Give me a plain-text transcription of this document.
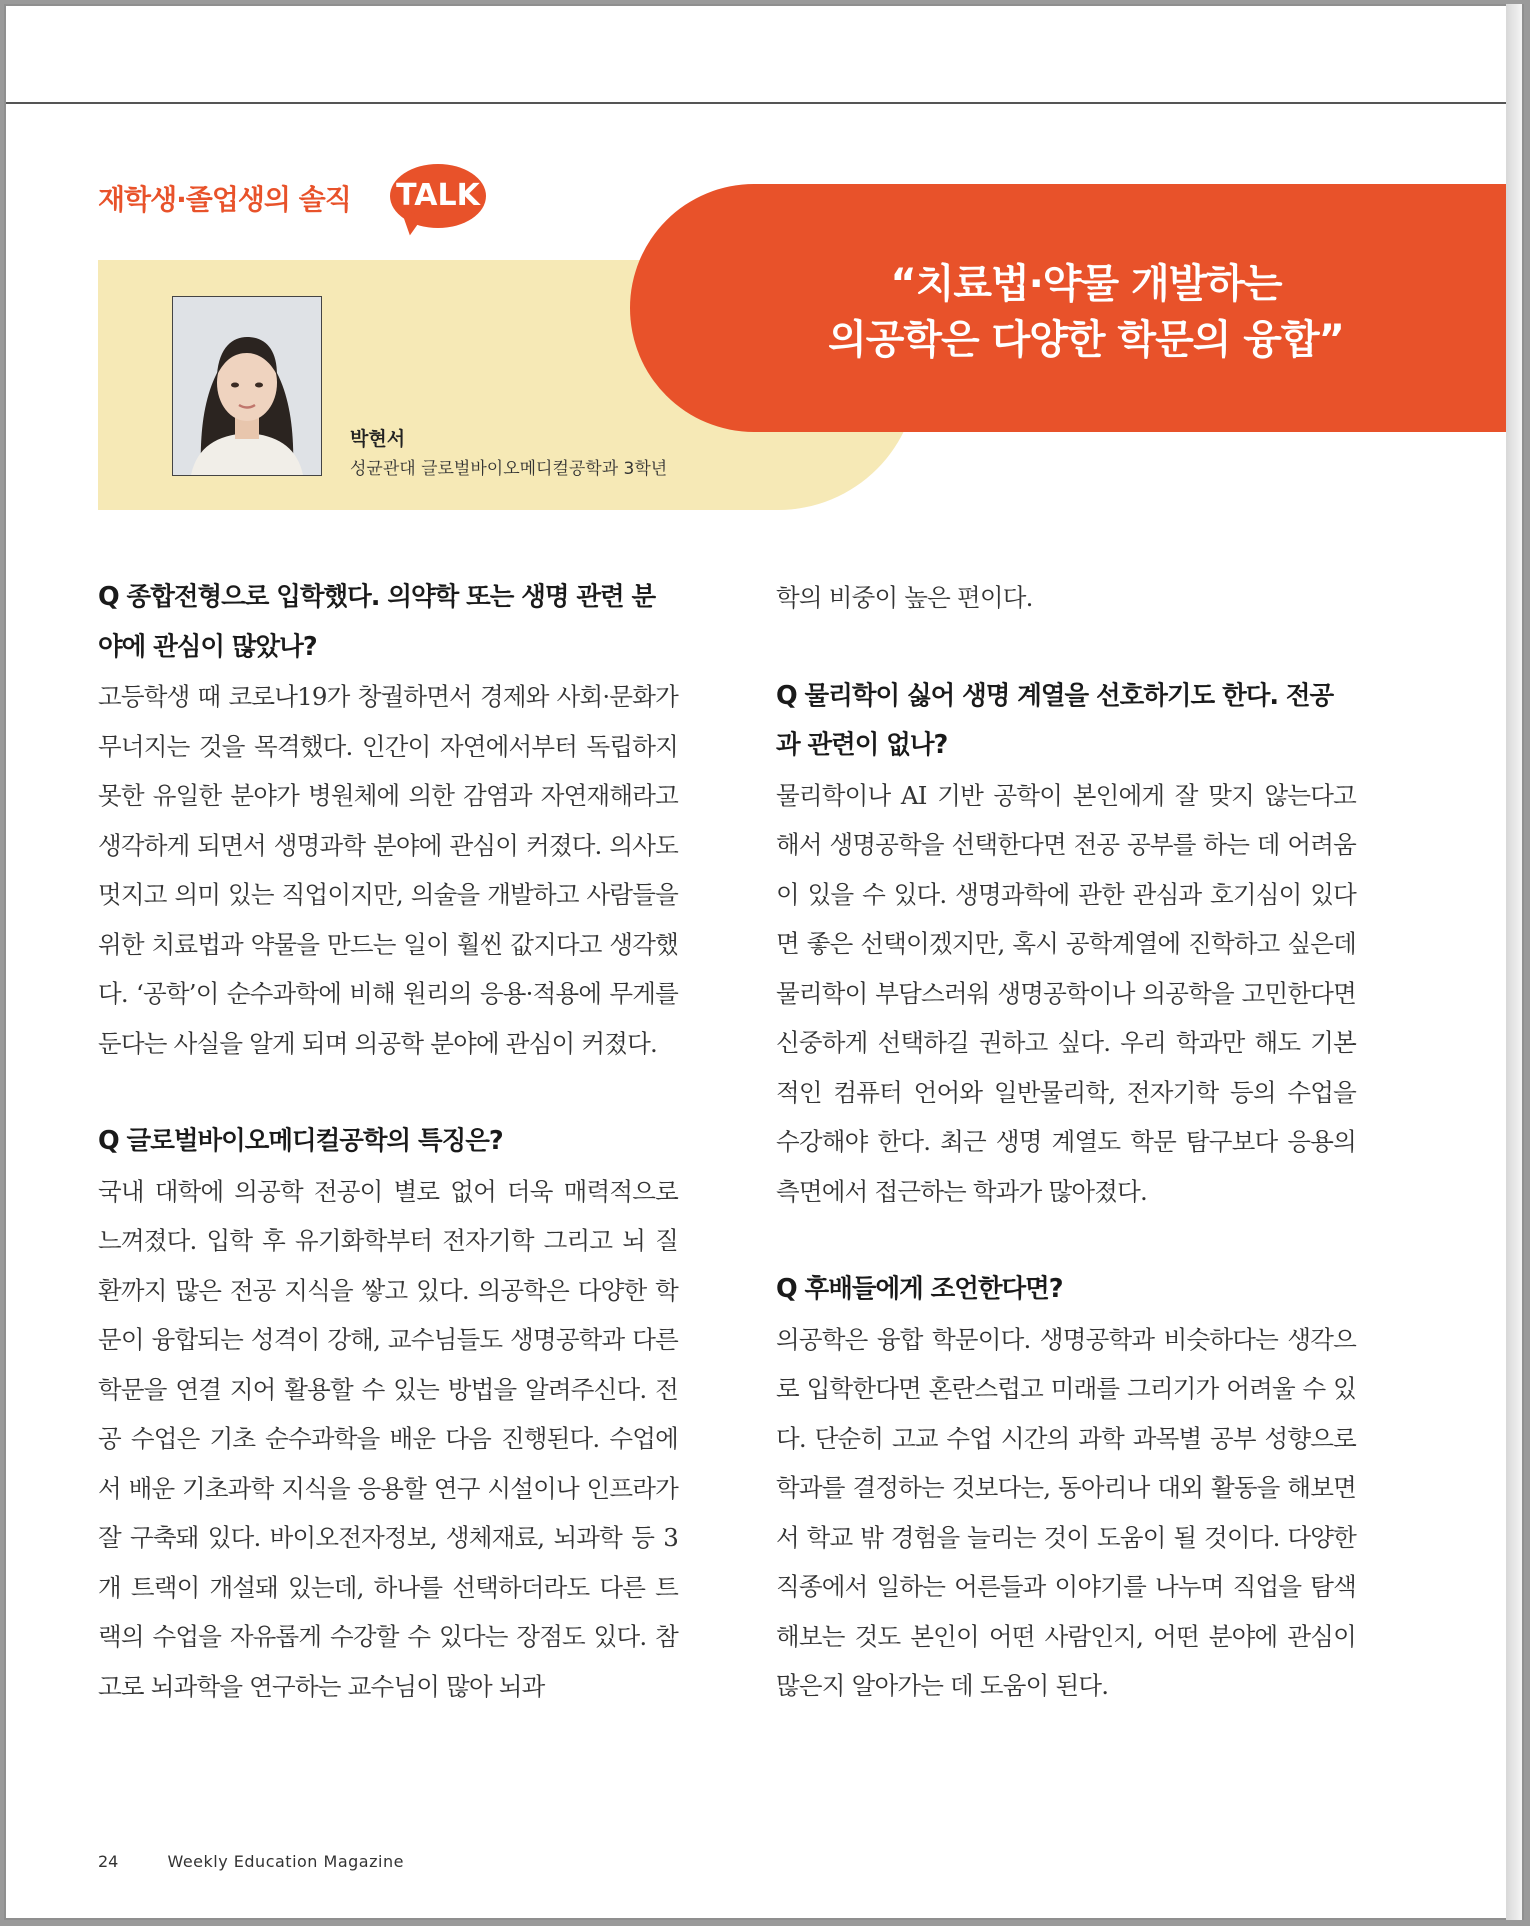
재학생·졸업생의 솔직 TALK
박현서
성균관대 글로벌바이오메디컬공학과 3학년
“치료법·약물 개발하는
의공학은 다양한 학문의 융합”
Q 종합전형으로 입학했다. 의약학 또는 생명 관련 분야에 관심이 많았나?
고등학생 때 코로나19가 창궐하면서 경제와 사회·문화가 무너지는 것을 목격했다. 인간이 자연에서부터 독립하지 못한 유일한 분야가 병원체에 의한 감염과 자연재해라고 생각하게 되면서 생명과학 분야에 관심이 커졌다. 의사도 멋지고 의미 있는 직업이지만, 의술을 개발하고 사람들을 위한 치료법과 약물을 만드는 일이 훨씬 값지다고 생각했다. ‘공학’이 순수과학에 비해 원리의 응용·적용에 무게를 둔다는 사실을 알게 되며 의공학 분야에 관심이 커졌다.
Q 글로벌바이오메디컬공학의 특징은?
국내 대학에 의공학 전공이 별로 없어 더욱 매력적으로 느껴졌다. 입학 후 유기화학부터 전자기학 그리고 뇌 질환까지 많은 전공 지식을 쌓고 있다. 의공학은 다양한 학문이 융합되는 성격이 강해, 교수님들도 생명공학과 다른 학문을 연결 지어 활용할 수 있는 방법을 알려주신다. 전공 수업은 기초 순수과학을 배운 다음 진행된다. 수업에서 배운 기초과학 지식을 응용할 연구 시설이나 인프라가 잘 구축돼 있다. 바이오전자정보, 생체재료, 뇌과학 등 3개 트랙이 개설돼 있는데, 하나를 선택하더라도 다른 트랙의 수업을 자유롭게 수강할 수 있다는 장점도 있다. 참고로 뇌과학을 연구하는 교수님이 많아 뇌과
학의 비중이 높은 편이다.
Q 물리학이 싫어 생명 계열을 선호하기도 한다. 전공과 관련이 없나?
물리학이나 AI 기반 공학이 본인에게 잘 맞지 않는다고 해서 생명공학을 선택한다면 전공 공부를 하는 데 어려움이 있을 수 있다. 생명과학에 관한 관심과 호기심이 있다면 좋은 선택이겠지만, 혹시 공학계열에 진학하고 싶은데 물리학이 부담스러워 생명공학이나 의공학을 고민한다면 신중하게 선택하길 권하고 싶다. 우리 학과만 해도 기본적인 컴퓨터 언어와 일반물리학, 전자기학 등의 수업을 수강해야 한다. 최근 생명 계열도 학문 탐구보다 응용의 측면에서 접근하는 학과가 많아졌다.
Q 후배들에게 조언한다면?
의공학은 융합 학문이다. 생명공학과 비슷하다는 생각으로 입학한다면 혼란스럽고 미래를 그리기가 어려울 수 있다. 단순히 고교 수업 시간의 과학 과목별 공부 성향으로 학과를 결정하는 것보다는, 동아리나 대외 활동을 해보면서 학교 밖 경험을 늘리는 것이 도움이 될 것이다. 다양한 직종에서 일하는 어른들과 이야기를 나누며 직업을 탐색해보는 것도 본인이 어떤 사람인지, 어떤 분야에 관심이 많은지 알아가는 데 도움이 된다.
24	Weekly Education Magazine
